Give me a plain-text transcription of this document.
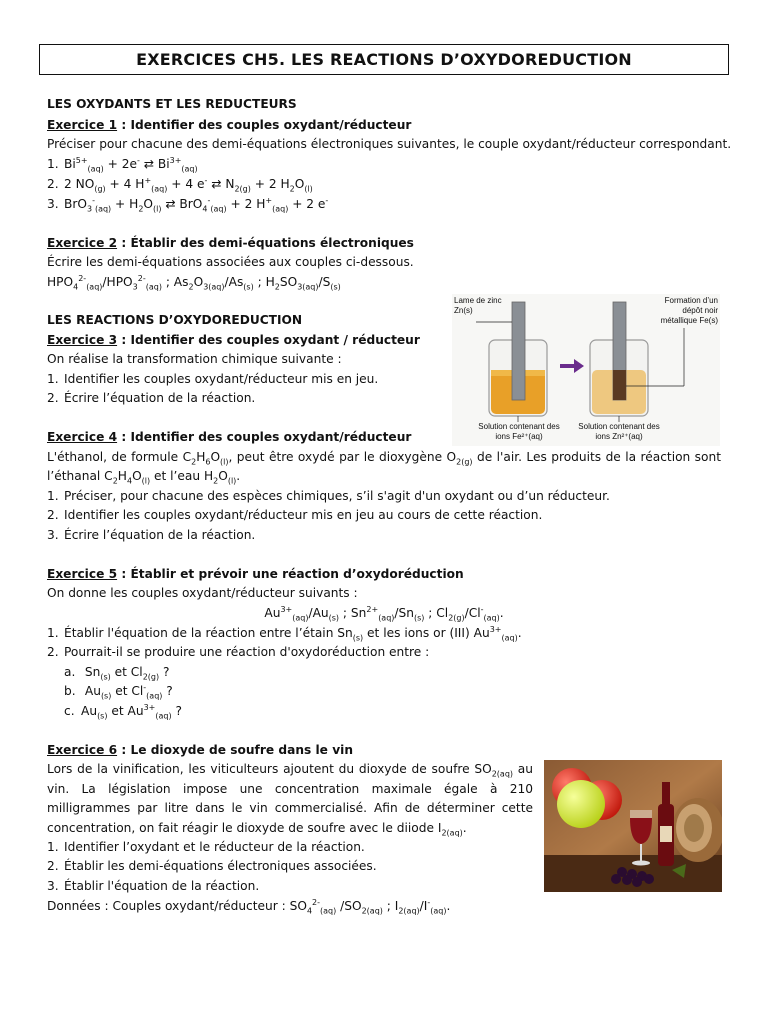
EXERCICES CH5. LES REACTIONS D’OXYDOREDUCTION
LES OXYDANTS ET LES REDUCTEURS
Exercice 1 : Identifier des couples oxydant/réducteur
Préciser pour chacune des demi-équations électroniques suivantes, le couple oxydant/réducteur correspondant.
1. $Bi^{5+}_{(aq)} + 2e^-$ ⇄ $Bi^{3+}_{(aq)}$
2. 2 $NO_{(g)} + 4$ $H^+_{(aq)} + 4$ e- ⇄ $N_{2(g)} + 2$ $H_2O_{(l)}$
3. $BrO_3^-_{(aq)} + H_2O_{(l)}$ ⇄ BrO$_4$-$_{(aq)}$ + 2 $H^+_{(aq)} + 2$ e-
Exercice 2 : Établir des demi-équations électroniques
Écrire les demi-équations associées aux couples ci-dessous.
$HPO_4^{2-}_{(aq)}/HPO_3^{2-}_{(aq)}$ ; $As_2O_{3(aq)}/As_{(s)}$ ; $H_2SO_{3(aq)}/S_{(s)}$
LES REACTIONS D’OXYDOREDUCTION
Exercice 3 : Identifier des couples oxydant / réducteur
On réalise la transformation chimique suivante :
1. Identifier les couples oxydant/réducteur mis en jeu.
2. Écrire l’équation de la réaction.
Lame de zinc Zn(s)
Formation d’un dépôt noir métallique Fe(s)
Solution contenant des ions Fe²⁺(aq)
Solution contenant des ions Zn²⁺(aq)
Exercice 4 : Identifier des couples oxydant/réducteur
L'éthanol, de formule $C_2H_6O_{(l)}$, peut être oxydé par le dioxygène $O_{2(g)}$ de l'air. Les produits de la réaction sont l’éthanal $C_2H_4O_{(l)}$ et l’eau $H_2O_{(l)}$.
1. Préciser, pour chacune des espèces chimiques, s’il s'agit d'un oxydant ou d’un réducteur.
2. Identifier les couples oxydant/réducteur mis en jeu au cours de cette réaction.
3. Écrire l’équation de la réaction.
Exercice 5 : Établir et prévoir une réaction d’oxydoréduction
On donne les couples oxydant/réducteur suivants :
$Au^{3+}_{(aq)}/Au_{(s)}$ ; $Sn^{2+}_{(aq)}/Sn_{(s)}$ ; $Cl_{2(g)}/Cl^-_{(aq)}$.
1. Établir l'équation de la réaction entre l’étain $Sn_{(s)}$ et les ions or (III) $Au^{3+}_{(aq)}$.
2. Pourrait-il se produire une réaction d'oxydoréduction entre :
a. $Sn_{(s)}$ et $Cl_{2(g)}$ ?
b. $Au_{(s)}$ et $Cl^-_{(aq)}$ ?
c. $Au_{(s)}$ et $Au^{3+}_{(aq)}$ ?
Exercice 6 : Le dioxyde de soufre dans le vin
Lors de la vinification, les viticulteurs ajoutent du dioxyde de soufre $SO_{2(aq)}$ au vin. La législation impose une concentration maximale égale à 210 milligrammes par litre dans le vin commercialisé. Afin de déterminer cette concentration, on fait réagir le dioxyde de soufre avec le diiode $I_{2(aq)}$.
1. Identifier l’oxydant et le réducteur de la réaction.
2. Établir les demi-équations électroniques associées.
3. Établir l'équation de la réaction.
Données : Couples oxydant/réducteur : $SO_4^{2-}_{(aq)}$ $/SO_{2(aq)}$ ; $I_{2(aq)}/I^-_{(aq)}$.
